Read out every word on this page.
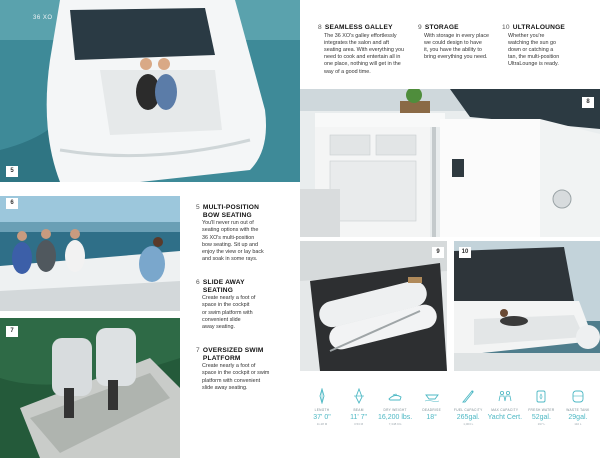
36 XO
5
6
7
5 MULTI-POSITION
BOW SEATING
You'll never run out of
seating options with the
36 XO's multi-position
bow seating. Sit up and
enjoy the view or lay back
and soak in some rays.
6 SLIDE AWAY
SEATING
Create nearly a foot of
space in the cockpit
or swim platform with
convenient slide
away seating.
7 OVERSIZED SWIM
PLATFORM
Create nearly a foot of
space in the cockpit or swim
platform with convenient
slide away seating.
8 SEAMLESS GALLEY
The 36 XO's galley effortlessly
integrates the salon and aft
seating area. With everything you
need to cook and entertain all in
one place, nothing will get in the
way of a good time.
9 STORAGE
With storage in every place
we could design to have
it, you have the ability to
bring everything you need.
10 ULTRALOUNGE
Whether you're
watching the sun go
down or catching a
tan, the multi-position
UltraLounge is ready.
8
9	10
LENGTH
37' 0"
11.28 M
BEAM
11' 7"
3.53 M
DRY WEIGHT
16,200 lbs.
7,348 KG
DEADRISE
18°
FUEL CAPACITY
265gal.
1,003 L
MAX CAPACITY
Yacht Cert.
FRESH WATER
52gal.
197 L
WASTE TANK
29gal.
110 L
